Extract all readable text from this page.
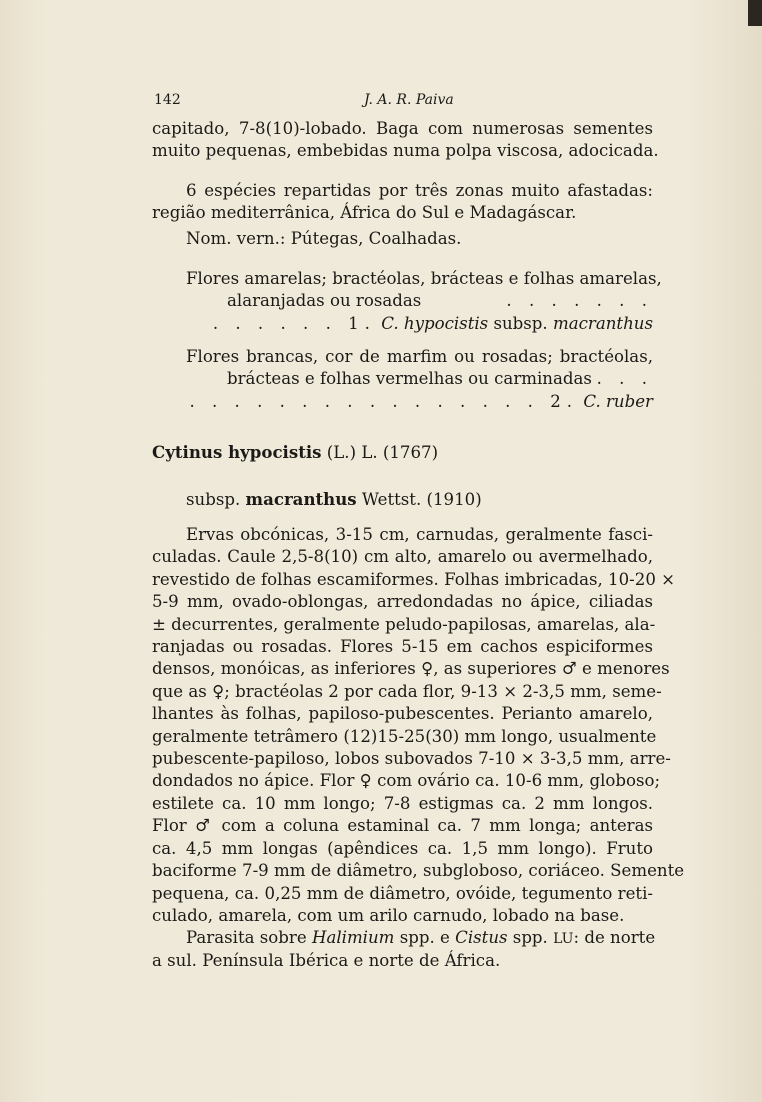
142	J. A. R. Paiva
capitado, 7-8(10)-lobado. Baga com numerosas sementes
muito pequenas, embebidas numa polpa viscosa, adocicada.
6 espécies repartidas por três zonas muito afastadas:
região mediterrânica, África do Sul e Madagáscar.
Nom. vern.: Pútegas, Coalhadas.
Flores amarelas; bractéolas, brácteas e folhas amarelas,
alaranjadas ou rosadas	. . . . . . .
. . . . . . 1. C. hypocistis subsp. macranthus
Flores brancas, cor de marfim ou rosadas; bractéolas,
brácteas e folhas vermelhas ou carminadas . . .
. . . . . . . . . . . . . . . . 2. C. ruber
Cytinus hypocistis (L.) L. (1767)
subsp. macranthus Wettst. (1910)
Ervas obcónicas, 3-15 cm, carnudas, geralmente fasci-
culadas. Caule 2,5-8(10) cm alto, amarelo ou avermelhado,
revestido de folhas escamiformes. Folhas imbricadas, 10-20 ×
5-9 mm, ovado-oblongas, arredondadas no ápice, ciliadas
± decurrentes, geralmente peludo-papilosas, amarelas, ala-
ranjadas ou rosadas. Flores 5-15 em cachos espiciformes
densos, monóicas, as inferiores ♀, as superiores ♂ e menores
que as ♀; bractéolas 2 por cada flor, 9-13 × 2-3,5 mm, seme-
lhantes às folhas, papiloso-pubescentes. Perianto amarelo,
geralmente tetrâmero (12)15-25(30) mm longo, usualmente
pubescente-papiloso, lobos subovados 7-10 × 3-3,5 mm, arre-
dondados no ápice. Flor ♀ com ovário ca. 10-6 mm, globoso;
estilete ca. 10 mm longo; 7-8 estigmas ca. 2 mm longos.
Flor ♂ com a coluna estaminal ca. 7 mm longa; anteras
ca. 4,5 mm longas (apêndices ca. 1,5 mm longo). Fruto
baciforme 7-9 mm de diâmetro, subgloboso, coriáceo. Semente
pequena, ca. 0,25 mm de diâmetro, ovóide, tegumento reti-
culado, amarela, com um arilo carnudo, lobado na base.
Parasita sobre Halimium spp. e Cistus spp. LU: de norte
a sul. Península Ibérica e norte de África.
